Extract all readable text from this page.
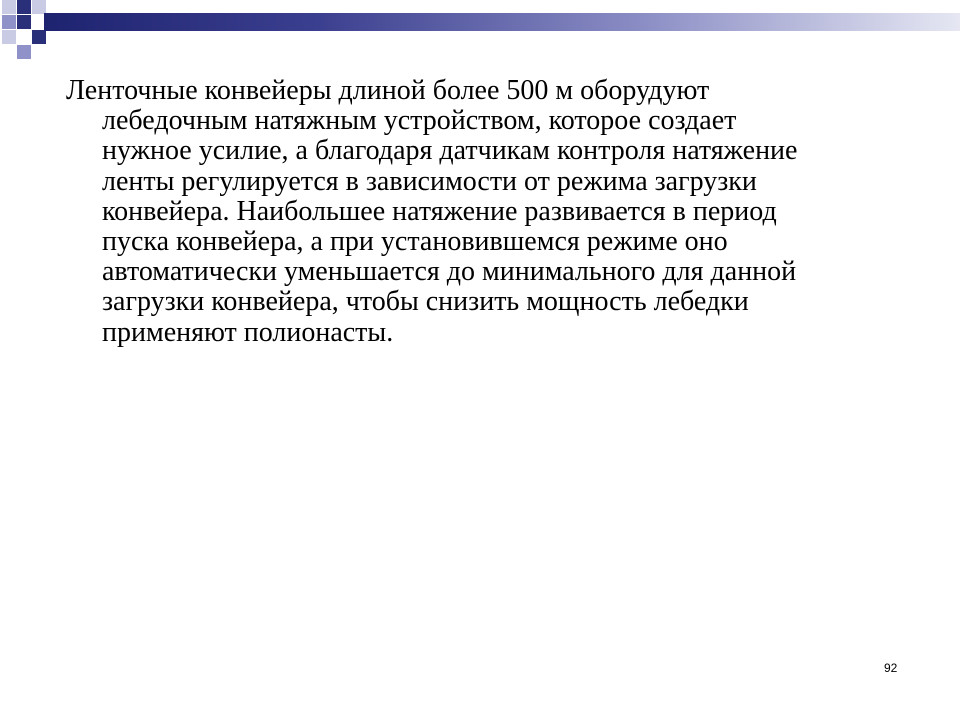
Ленточные конвейеры длиной более 500 м оборудуют
лебедочным натяжным устройством, которое создает
нужное усилие, а благодаря датчикам контроля натяжение
ленты регулируется в зависимости от режима загрузки
конвейера. Наибольшее натяжение развивается в период
пуска конвейера, а при установившемся режиме оно
автоматически уменьшается до минимального для данной
загрузки конвейера, чтобы снизить мощность лебедки
применяют полионасты.

92
